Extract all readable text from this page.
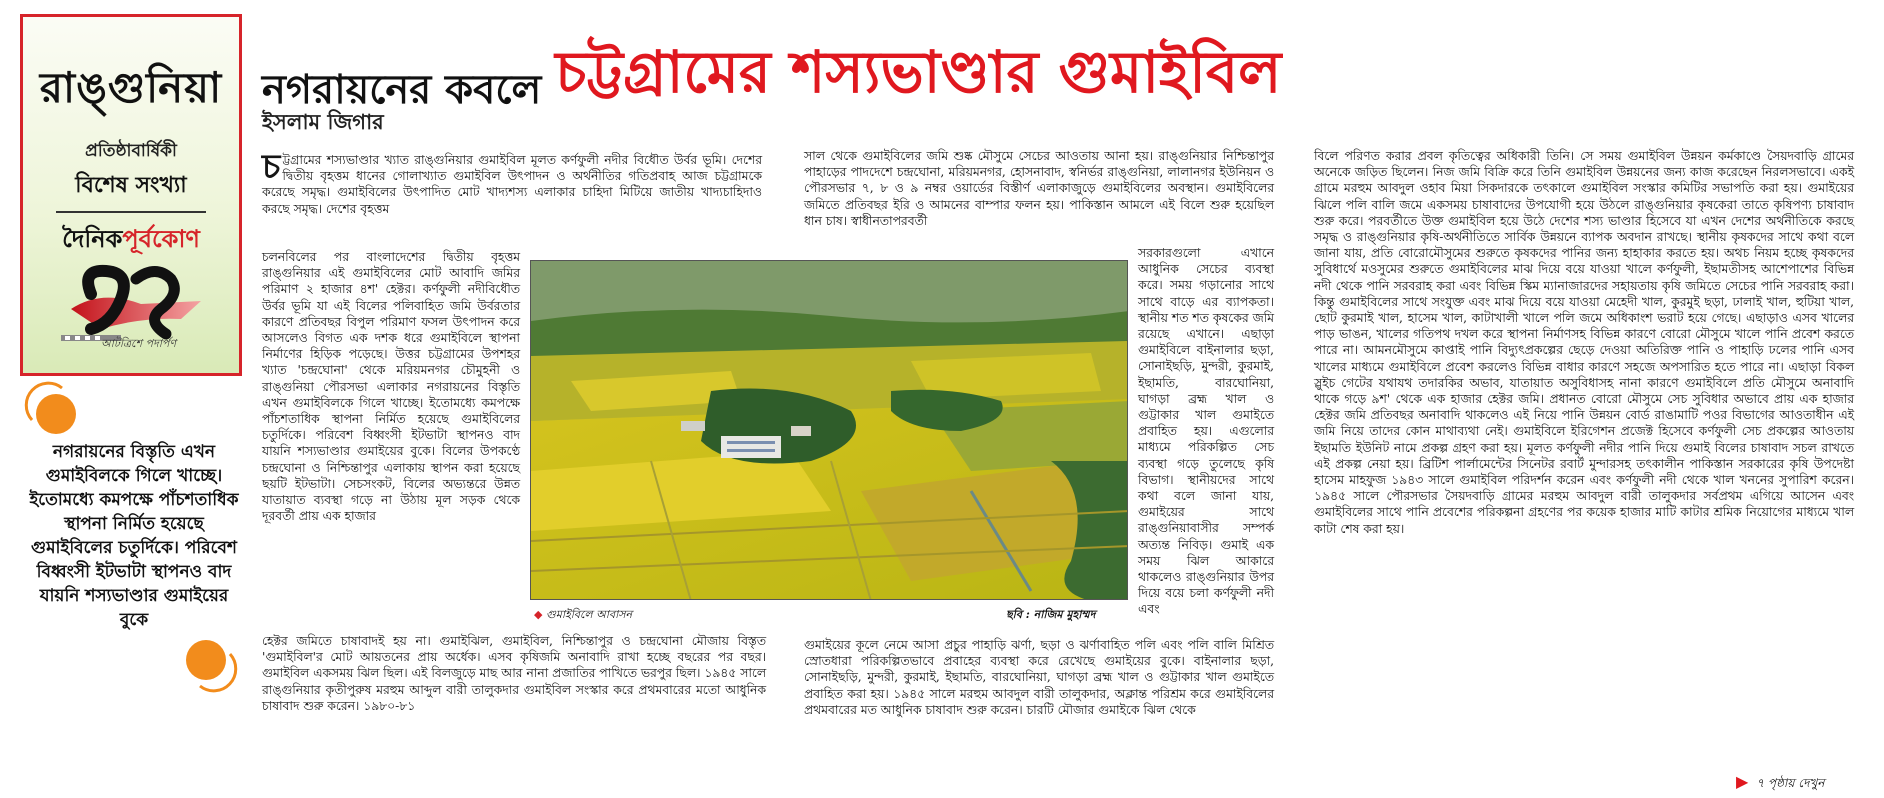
রাঙ্গুনিয়া
প্রতিষ্ঠাবার্ষিকী
বিশেষ সংখ্যা
দৈনিকপূর্বকোণ
আটত্রিশে পদার্পণ
নগরায়নের বিস্তৃতি এখন গুমাইবিলকে গিলে খাচ্ছে। ইতোমধ্যে কমপক্ষে পাঁচশতাধিক স্থাপনা নির্মিত হয়েছে গুমাইবিলের চতুর্দিকে। পরিবেশ বিধ্বংসী ইটভাটা স্থাপনও বাদ যায়নি শস্যভাণ্ডার গুমাইয়ের বুকে
নগরায়নের কবলে চট্টগ্রামের শস্যভাণ্ডার গুমাইবিল
ইসলাম জিগার
চট্টগ্রামের শস্যভাণ্ডার খ্যাত রাঙ্গুনিয়ার গুমাইবিল মূলত কর্ণফুলী নদীর বিধৌত উর্বর ভূমি। দেশের দ্বিতীয় বৃহত্তম ধানের গোলাখ্যাত গুমাইবিল উৎপাদন ও অর্থনীতির গতিপ্রবাহ আজ চট্টগ্রামকে করেছে সমৃদ্ধ। গুমাইবিলের উৎপাদিত মোট খাদ্যশস্য এলাকার চাহিদা মিটিয়ে জাতীয় খাদ্যচাহিদাও করছে সমৃদ্ধ। দেশের বৃহত্তম
চলনবিলের পর বাংলাদেশের দ্বিতীয় বৃহত্তম রাঙ্গুনিয়ার এই গুমাইবিলের মোট আবাদি জমির পরিমাণ ২ হাজার ৪শ' হেক্টর। কর্ণফুলী নদীবিধৌত উর্বর ভূমি যা এই বিলের পলিবাহিত জমি উর্বরতার কারণে প্রতিবছর বিপুল পরিমাণ ফসল উৎপাদন করে আসলেও বিগত এক দশক ধরে গুমাইবিলে স্থাপনা নির্মাণের হিড়িক পড়েছে। উত্তর চট্টগ্রামের উপশহর খ্যাত 'চন্দ্রঘোনা' থেকে মরিয়মনগর চৌমুহনী ও রাঙ্গুনিয়া পৌরসভা এলাকার নগরায়নের বিস্তৃতি এখন গুমাইবিলকে গিলে খাচ্ছে। ইতোমধ্যে কমপক্ষে পাঁচশতাধিক স্থাপনা নির্মিত হয়েছে গুমাইবিলের চতুর্দিকে। পরিবেশ বিধ্বংসী ইটভাটা স্থাপনও বাদ যায়নি শস্যভাণ্ডার গুমাইয়ের বুকে। বিলের উপকণ্ঠে চন্দ্রঘোনা ও নিশ্চিন্তাপুর এলাকায় স্থাপন করা হয়েছে ছয়টি ইটভাটা। সেচসংকট, বিলের অভ্যন্তরে উন্নত যাতায়াত ব্যবস্থা গড়ে না উঠায় মূল সড়ক থেকে দূরবর্তী প্রায় এক হাজার
হেক্টর জমিতে চাষাবাদই হয় না। গুমাইঝিল, গুমাইবিল, নিশ্চিন্তাপুর ও চন্দ্রঘোনা মৌজায় বিস্তৃত 'গুমাইবিল'র মোট আয়তনের প্রায় অর্ধেক। এসব কৃষিজমি অনাবাদি রাখা হচ্ছে বছরের পর বছর। গুমাইবিল একসময় ঝিল ছিল। এই বিলজুড়ে মাছ আর নানা প্রজাতির পাখিতে ভরপুর ছিল। ১৯৪৫ সালে রাঙ্গুনিয়ার কৃতীপুরুষ মরহুম আব্দুল বারী তালুকদার গুমাইবিল সংস্কার করে প্রথমবারের মতো আধুনিক চাষাবাদ শুরু করেন। ১৯৮০-৮১
সাল থেকে গুমাইবিলের জমি শুষ্ক মৌসুমে সেচের আওতায় আনা হয়। রাঙ্গুনিয়ার নিশ্চিন্তাপুর পাহাড়ের পাদদেশে চন্দ্রঘোনা, মরিয়মনগর, হোসনাবাদ, স্বনির্ভর রাঙ্গুনিয়া, লালানগর ইউনিয়ন ও পৌরসভার ৭, ৮ ও ৯ নম্বর ওয়ার্ডের বিস্তীর্ণ এলাকাজুড়ে গুমাইবিলের অবস্থান। গুমাইবিলের জমিতে প্রতিবছর ইরি ও আমনের বাম্পার ফলন হয়। পাকিস্তান আমলে এই বিলে শুরু হয়েছিল ধান চাষ। স্বাধীনতাপরবর্তী
সরকারগুলো এখানে আধুনিক সেচের ব্যবস্থা করে। সময় গড়ানোর সাথে সাথে বাড়ে এর ব্যাপকতা। স্থানীয় শত শত কৃষকের জমি রয়েছে এখানে। এছাড়া গুমাইবিলে বাইনালার ছড়া, সোনাইছড়ি, মুন্দরী, কুরমাই, ইছামতি, বারঘোনিয়া, ঘাগড়া ব্রহ্ম খাল ও গুট্টাকার খাল গুমাইতে প্রবাহিত হয়। এগুলোর মাধ্যমে পরিকল্পিত সেচ ব্যবস্থা গড়ে তুলেছে কৃষি বিভাগ। স্থানীয়দের সাথে কথা বলে জানা যায়, গুমাইয়ের সাথে রাঙ্গুনিয়াবাসীর সম্পর্ক অত্যন্ত নিবিড়। গুমাই এক সময় ঝিল আকারে থাকলেও রাঙ্গুনিয়ার উপর দিয়ে বয়ে চলা কর্ণফুলী নদী এবং
গুমাইয়ের কূলে নেমে আসা প্রচুর পাহাড়ি ঝর্ণা, ছড়া ও ঝর্ণাবাহিত পলি এবং পলি বালি মিশ্রিত স্রোতধারা পরিকল্পিতভাবে প্রবাহের ব্যবস্থা করে রেখেছে গুমাইয়ের বুকে। বাইনালার ছড়া, সোনাইছড়ি, মুন্দরী, কুরমাই, ইছামতি, বারঘোনিয়া, ঘাগড়া ব্রহ্ম খাল ও গুট্টাকার খাল গুমাইতে প্রবাহিত করা হয়। ১৯৪৫ সালে মরহুম আবদুল বারী তালুকদার, অক্লান্ত পরিশ্রম করে গুমাইবিলের প্রথমবারের মত আধুনিক চাষাবাদ শুরু করেন। চারটি মৌজার গুমাইকে ঝিল থেকে
বিলে পরিণত করার প্রবল কৃতিত্বের অধিকারী তিনি। সে সময় গুমাইবিল উন্নয়ন কর্মকাণ্ডে সৈয়দবাড়ি গ্রামের অনেকে জড়িত ছিলেন। নিজ জমি বিক্রি করে তিনি গুমাইবিল উন্নয়নের জন্য কাজ করেছেন নিরলসভাবে। একই গ্রামে মরহুম আবদুল ওহাব মিয়া সিকদারকে তৎকালে গুমাইবিল সংস্কার কমিটির সভাপতি করা হয়। গুমাইয়ের ঝিলে পলি বালি জমে একসময় চাষাবাদের উপযোগী হয়ে উঠলে রাঙ্গুনিয়ার কৃষকেরা তাতে কৃষিপণ্য চাষাবাদ শুরু করে। পরবর্তীতে উক্ত গুমাইবিল হয়ে উঠে দেশের শস্য ভাণ্ডার হিসেবে যা এখন দেশের অর্থনীতিকে করছে সমৃদ্ধ ও রাঙ্গুনিয়ার কৃষি-অর্থনীতিতে সার্বিক উন্নয়নে ব্যাপক অবদান রাখছে। স্থানীয় কৃষকদের সাথে কথা বলে জানা যায়, প্রতি বোরোমৌসুমের শুরুতে কৃষকদের পানির জন্য হাহাকার করতে হয়। অথচ নিয়ম হচ্ছে কৃষকদের সুবিধার্থে মওসুমের শুরুতে গুমাইবিলের মাঝ দিয়ে বয়ে যাওয়া খালে কর্ণফুলী, ইছামতীসহ আশেপাশের বিভিন্ন নদী থেকে পানি সরবরাহ করা এবং বিভিন্ন স্কিম ম্যানাজারদের সহায়তায় কৃষি জমিতে সেচের পানি সরবরাহ করা। কিন্তু গুমাইবিলের সাথে সংযুক্ত এবং মাঝ দিয়ে বয়ে যাওয়া মেহেদী খাল, কুরমুই ছড়া, ঢালাই খাল, হুটিয়া খাল, ছোট কুরমাই খাল, হাসেম খাল, কাটাখালী খালে পলি জমে অধিকাংশ ভরাট হয়ে গেছে। এছাড়াও এসব খালের পাড় ভাঙন, খালের গতিপথ দখল করে স্থাপনা নির্মাণসহ বিভিন্ন কারণে বোরো মৌসুমে খালে পানি প্রবেশ করতে পারে না। আমনমৌসুমে কাপ্তাই পানি বিদ্যুৎপ্রকল্পের ছেড়ে দেওয়া অতিরিক্ত পানি ও পাহাড়ি ঢলের পানি এসব খালের মাধ্যমে গুমাইবিলে প্রবেশ করলেও বিভিন্ন বাধার কারণে সহজে অপসারিত হতে পারে না। এছাড়া বিকল স্লুইচ গেটের যথাযথ তদারকির অভাব, যাতায়াত অসুবিধাসহ নানা কারণে গুমাইবিলে প্রতি মৌসুমে অনাবাদি থাকে গড়ে ৯শ' থেকে এক হাজার হেক্টর জমি। প্রধানত বোরো মৌসুমে সেচ সুবিধার অভাবে প্রায় এক হাজার হেক্টর জমি প্রতিবছর অনাবাদি থাকলেও এই নিয়ে পানি উন্নয়ন বোর্ড রাঙামাটি পওর বিভাগের আওতাধীন এই জমি নিয়ে তাদের কোন মাথাব্যথা নেই। গুমাইবিলে ইরিগেশন প্রজেক্ট হিসেবে কর্ণফুলী সেচ প্রকল্পের আওতায় ইছামতি ইউনিট নামে প্রকল্প গ্রহণ করা হয়। মূলত কর্ণফুলী নদীর পানি দিয়ে গুমাই বিলের চাষাবাদ সচল রাখতে এই প্রকল্প নেয়া হয়। ব্রিটিশ পার্লামেন্টের সিনেটর রবার্ট মুন্দারসহ তৎকালীন পাকিস্তান সরকারের কৃষি উপদেষ্টা হাসেম মাহফুজ ১৯৪৩ সালে গুমাইবিল পরিদর্শন করেন এবং কর্ণফুলী নদী থেকে খাল খননের সুপারিশ করেন। ১৯৪৫ সালে পৌরসভার সৈয়দবাড়ি গ্রামের মরহুম আবদুল বারী তালুকদার সর্বপ্রথম এগিয়ে আসেন এবং গুমাইবিলের সাথে পানি প্রবেশের পরিকল্পনা গ্রহণের পর কয়েক হাজার মাটি কাটার শ্রমিক নিয়োগের মাধ্যমে খাল কাটা শেষ করা হয়।
◆ গুমাইবিলে আবাসন	ছবি : নাজিম মুহাম্মদ
▶ ৭ পৃষ্ঠায় দেখুন
